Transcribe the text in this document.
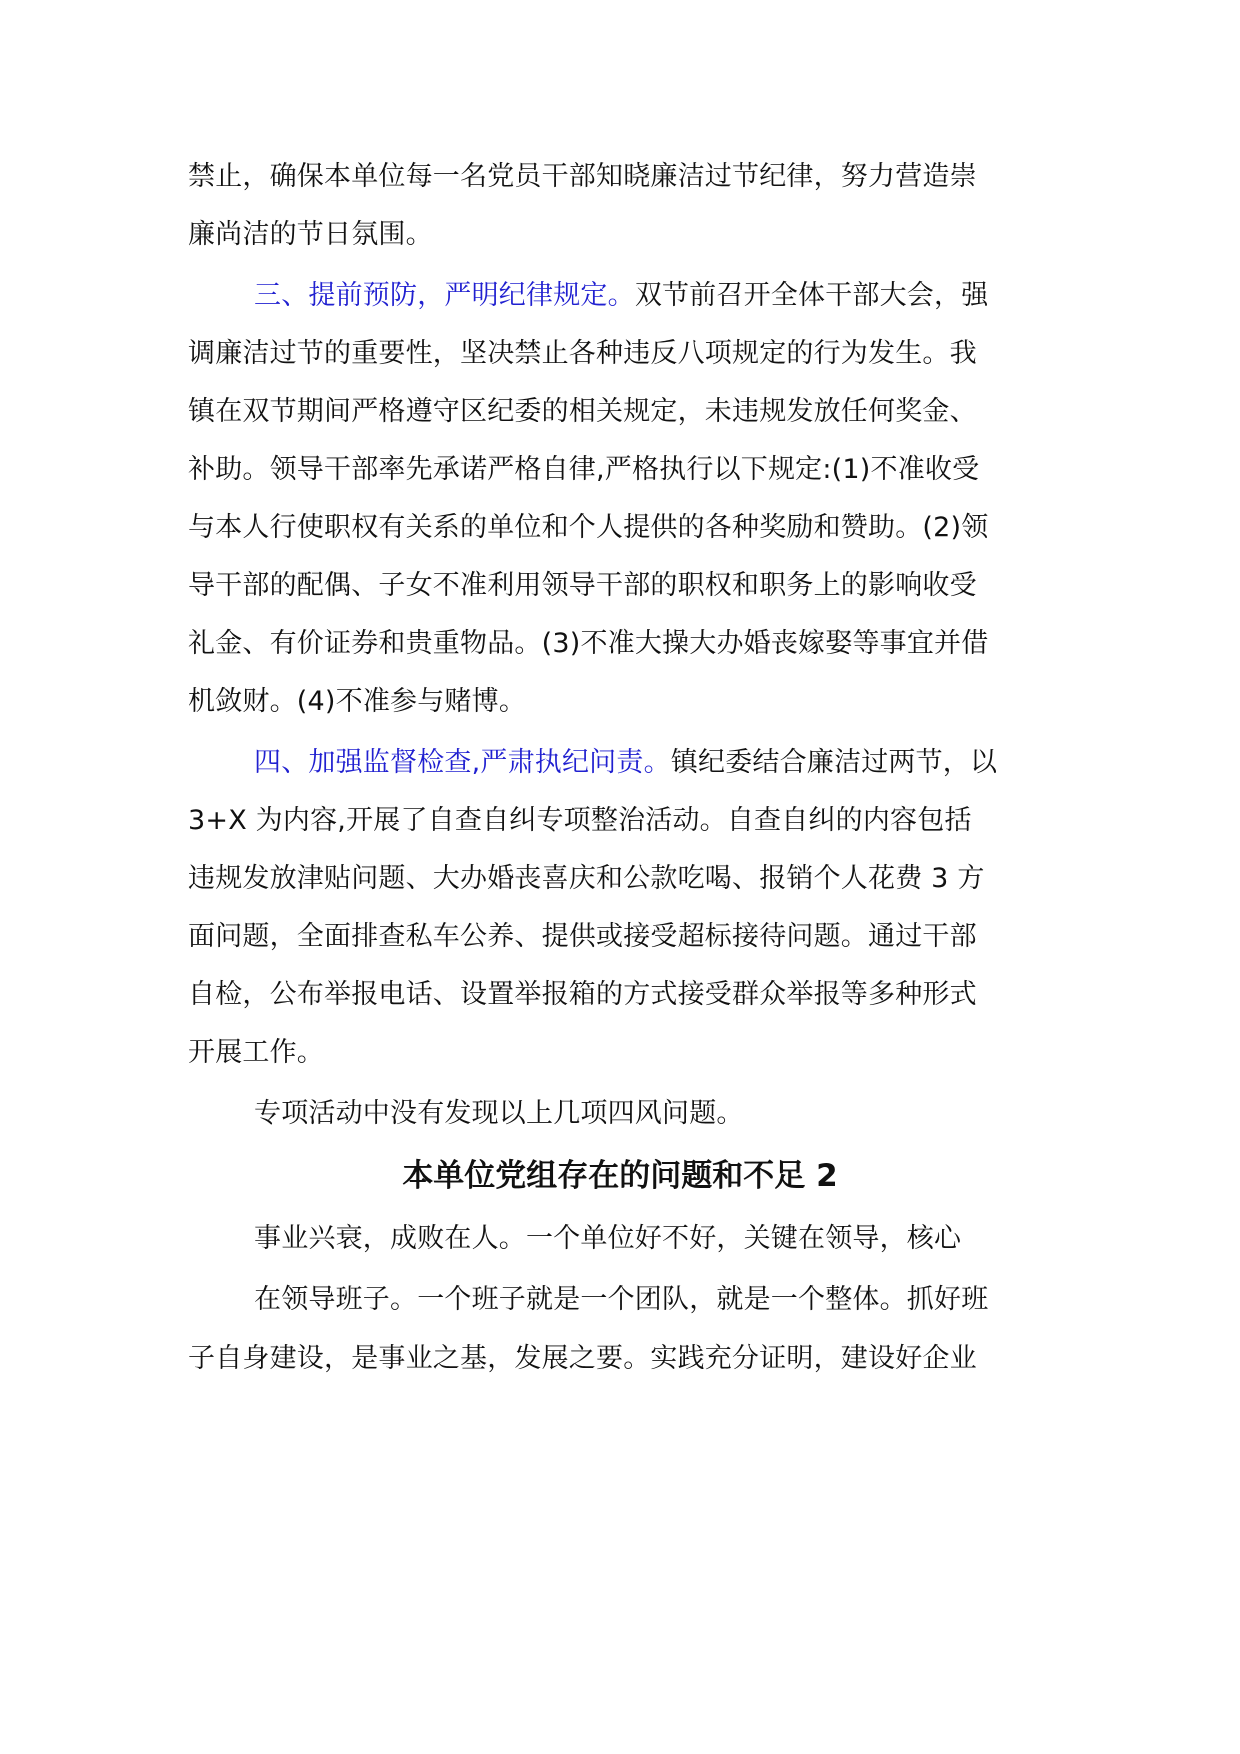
禁止，确保本单位每一名党员干部知晓廉洁过节纪律，努力营造崇
廉尚洁的节日氛围。
三、提前预防，严明纪律规定。双节前召开全体干部大会，强
调廉洁过节的重要性，坚决禁止各种违反八项规定的行为发生。我
镇在双节期间严格遵守区纪委的相关规定，未违规发放任何奖金、
补助。领导干部率先承诺严格自律,严格执行以下规定:(1)不准收受
与本人行使职权有关系的单位和个人提供的各种奖励和赞助。(2)领
导干部的配偶、子女不准利用领导干部的职权和职务上的影响收受
礼金、有价证券和贵重物品。(3)不准大操大办婚丧嫁娶等事宜并借
机敛财。(4)不准参与赌博。
四、加强监督检查,严肃执纪问责。镇纪委结合廉洁过两节，以
3+X 为内容,开展了自查自纠专项整治活动。自查自纠的内容包括
违规发放津贴问题、大办婚丧喜庆和公款吃喝、报销个人花费 3 方
面问题，全面排查私车公养、提供或接受超标接待问题。通过干部
自检，公布举报电话、设置举报箱的方式接受群众举报等多种形式
开展工作。
专项活动中没有发现以上几项四风问题。
本单位党组存在的问题和不足 2
事业兴衰，成败在人。一个单位好不好，关键在领导，核心
在领导班子。一个班子就是一个团队，就是一个整体。抓好班
子自身建设，是事业之基，发展之要。实践充分证明，建设好企业
